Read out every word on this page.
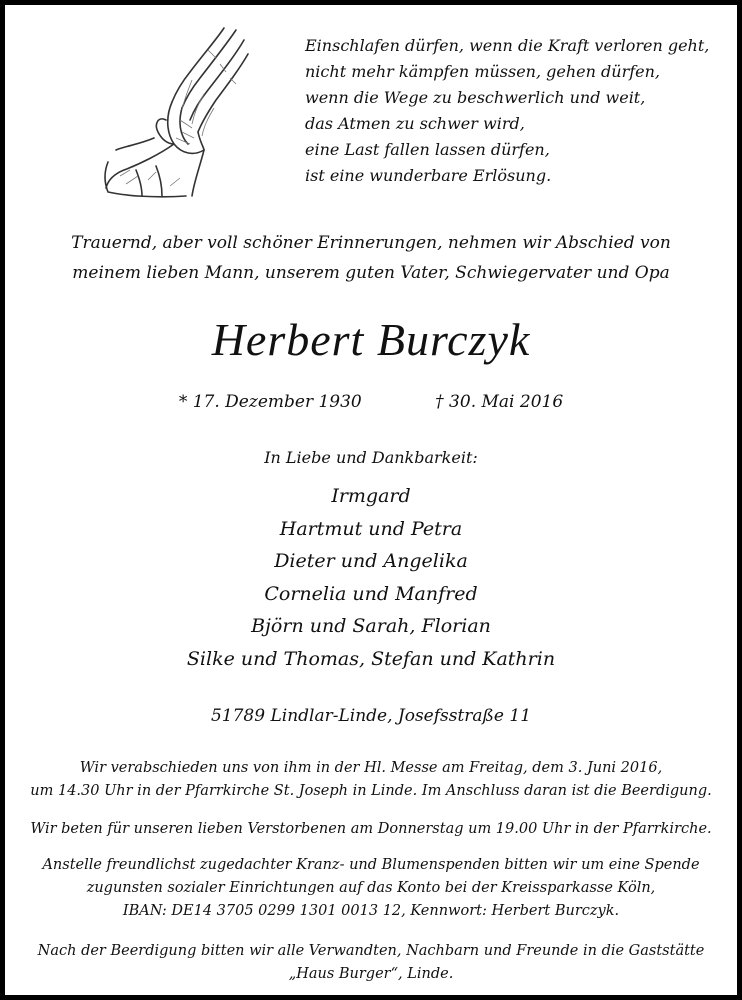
Einschlafen dürfen, wenn die Kraft verloren geht,
nicht mehr kämpfen müssen, gehen dürfen,
wenn die Wege zu beschwerlich und weit,
das Atmen zu schwer wird,
eine Last fallen lassen dürfen,
ist eine wunderbare Erlösung.
Trauernd, aber voll schöner Erinnerungen, nehmen wir Abschied von
meinem lieben Mann, unserem guten Vater, Schwiegervater und Opa
Herbert Burczyk
* 17. Dezember 1930	† 30. Mai 2016
In Liebe und Dankbarkeit:
Irmgard
Hartmut und Petra
Dieter und Angelika
Cornelia und Manfred
Björn und Sarah, Florian
Silke und Thomas, Stefan und Kathrin
51789 Lindlar-Linde, Josefsstraße 11
Wir verabschieden uns von ihm in der Hl. Messe am Freitag, dem 3. Juni 2016,
um 14.30 Uhr in der Pfarrkirche St. Joseph in Linde. Im Anschluss daran ist die Beerdigung.
Wir beten für unseren lieben Verstorbenen am Donnerstag um 19.00 Uhr in der Pfarrkirche.
Anstelle freundlichst zugedachter Kranz- und Blumenspenden bitten wir um eine Spende
zugunsten sozialer Einrichtungen auf das Konto bei der Kreissparkasse Köln,
IBAN: DE14 3705 0299 1301 0013 12, Kennwort: Herbert Burczyk.
Nach der Beerdigung bitten wir alle Verwandten, Nachbarn und Freunde in die Gaststätte
„Haus Burger“, Linde.
